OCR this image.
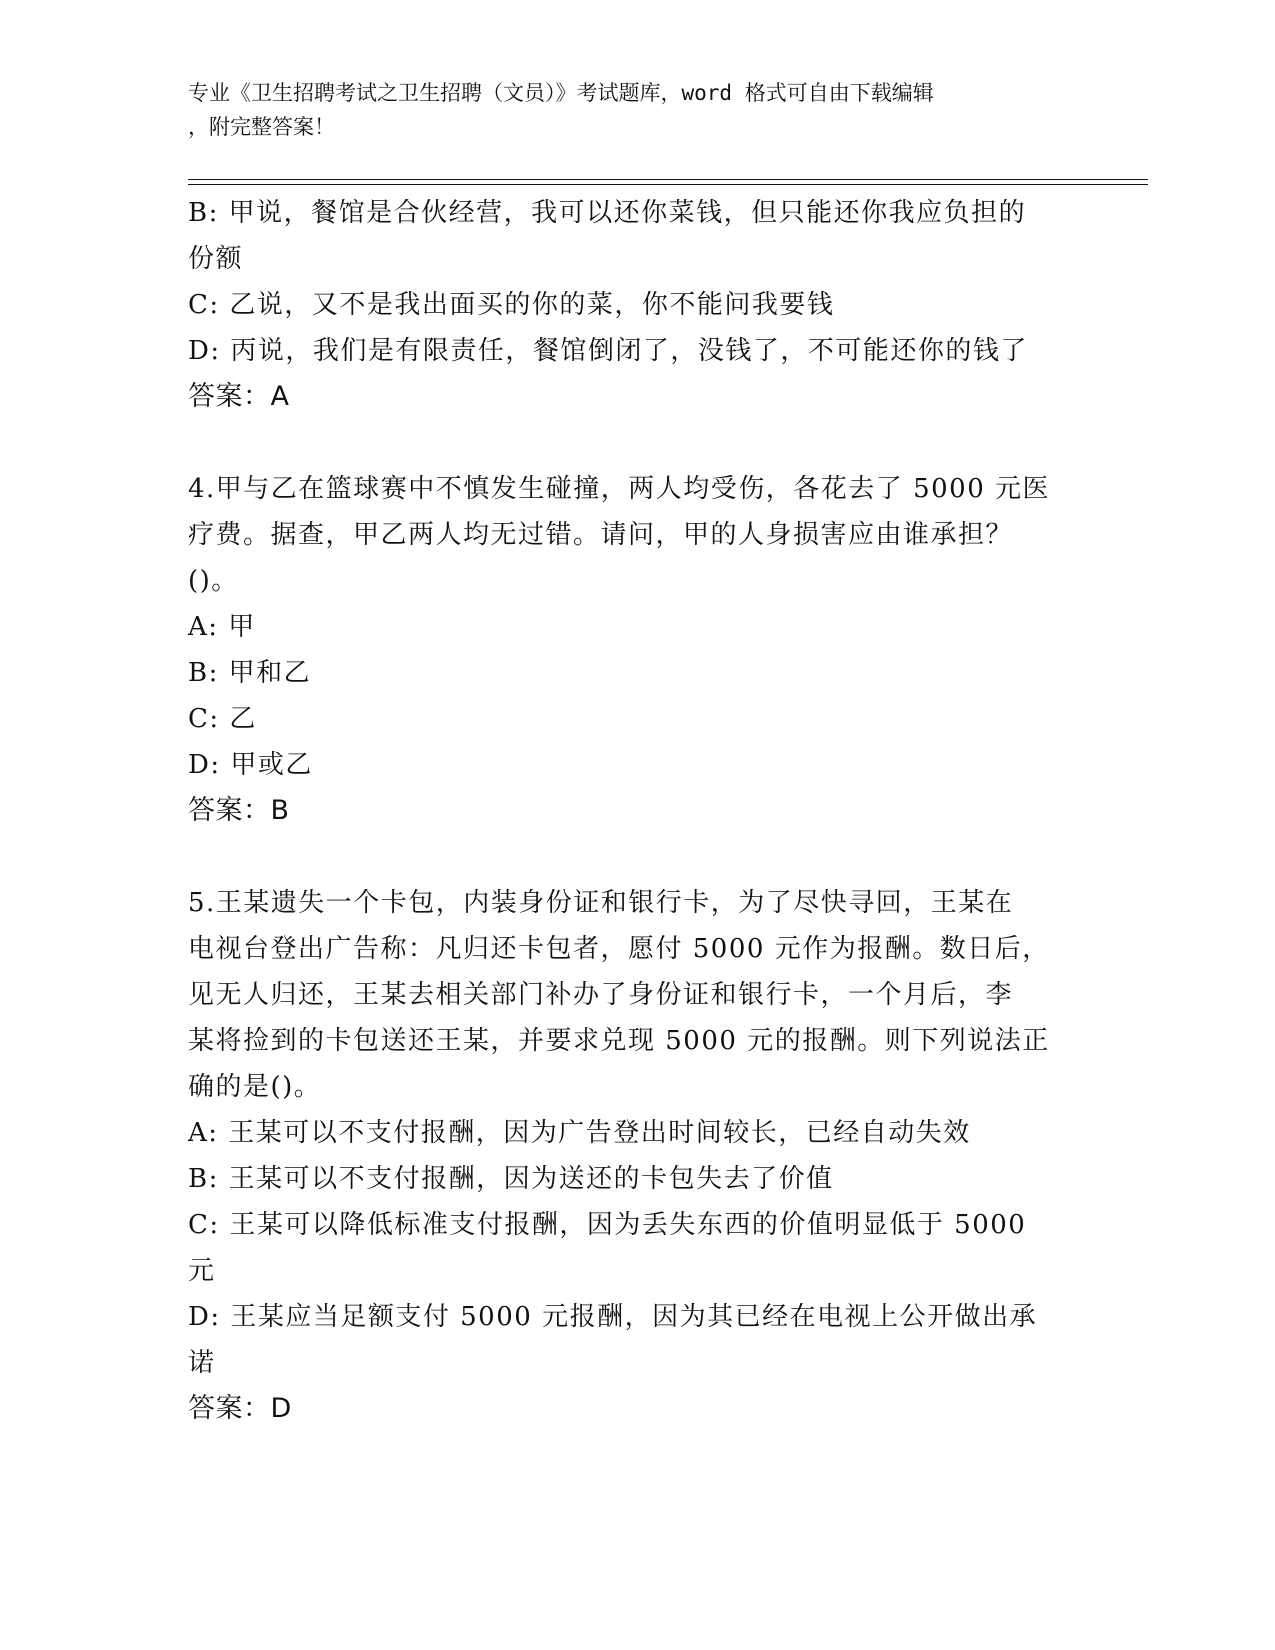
专业《卫生招聘考试之卫生招聘（文员）》考试题库，word 格式可自由下载编辑
，附完整答案！
B: 甲说，餐馆是合伙经营，我可以还你菜钱，但只能还你我应负担的
份额
C: 乙说，又不是我出面买的你的菜，你不能问我要钱
D: 丙说，我们是有限责任，餐馆倒闭了，没钱了，不可能还你的钱了
答案：A
4.甲与乙在篮球赛中不慎发生碰撞，两人均受伤，各花去了 5000 元医
疗费。据查，甲乙两人均无过错。请问，甲的人身损害应由谁承担？
()。
A: 甲
B: 甲和乙
C: 乙
D: 甲或乙
答案：B
5.王某遗失一个卡包，内装身份证和银行卡，为了尽快寻回，王某在
电视台登出广告称：凡归还卡包者，愿付 5000 元作为报酬。数日后，
见无人归还，王某去相关部门补办了身份证和银行卡，一个月后，李
某将捡到的卡包送还王某，并要求兑现 5000 元的报酬。则下列说法正
确的是()。
A: 王某可以不支付报酬，因为广告登出时间较长，已经自动失效
B: 王某可以不支付报酬，因为送还的卡包失去了价值
C: 王某可以降低标准支付报酬，因为丢失东西的价值明显低于 5000
元
D: 王某应当足额支付 5000 元报酬，因为其已经在电视上公开做出承
诺
答案：D
